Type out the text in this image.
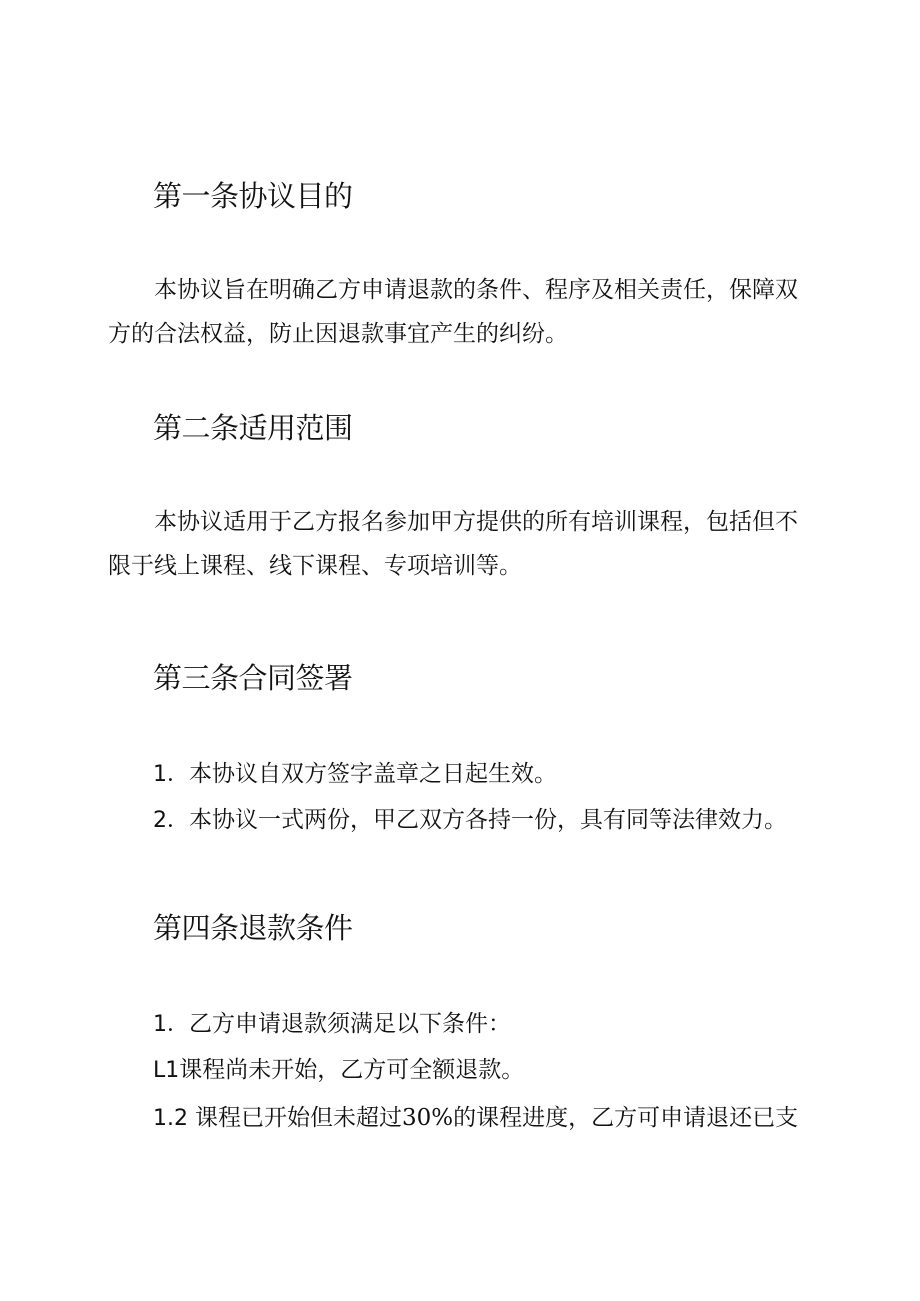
第一条协议目的
本协议旨在明确乙方申请退款的条件、程序及相关责任，保障双
方的合法权益，防止因退款事宜产生的纠纷。
第二条适用范围
本协议适用于乙方报名参加甲方提供的所有培训课程，包括但不
限于线上课程、线下课程、专项培训等。
第三条合同签署

1．本协议自双方签字盖章之日起生效。

2．本协议一式两份，甲乙双方各持一份，具有同等法律效力。

第四条退款条件

1．乙方申请退款须满足以下条件：

L1课程尚未开始，乙方可全额退款。

1.2 课程已开始但未超过30%的课程进度，乙方可申请退还已支
